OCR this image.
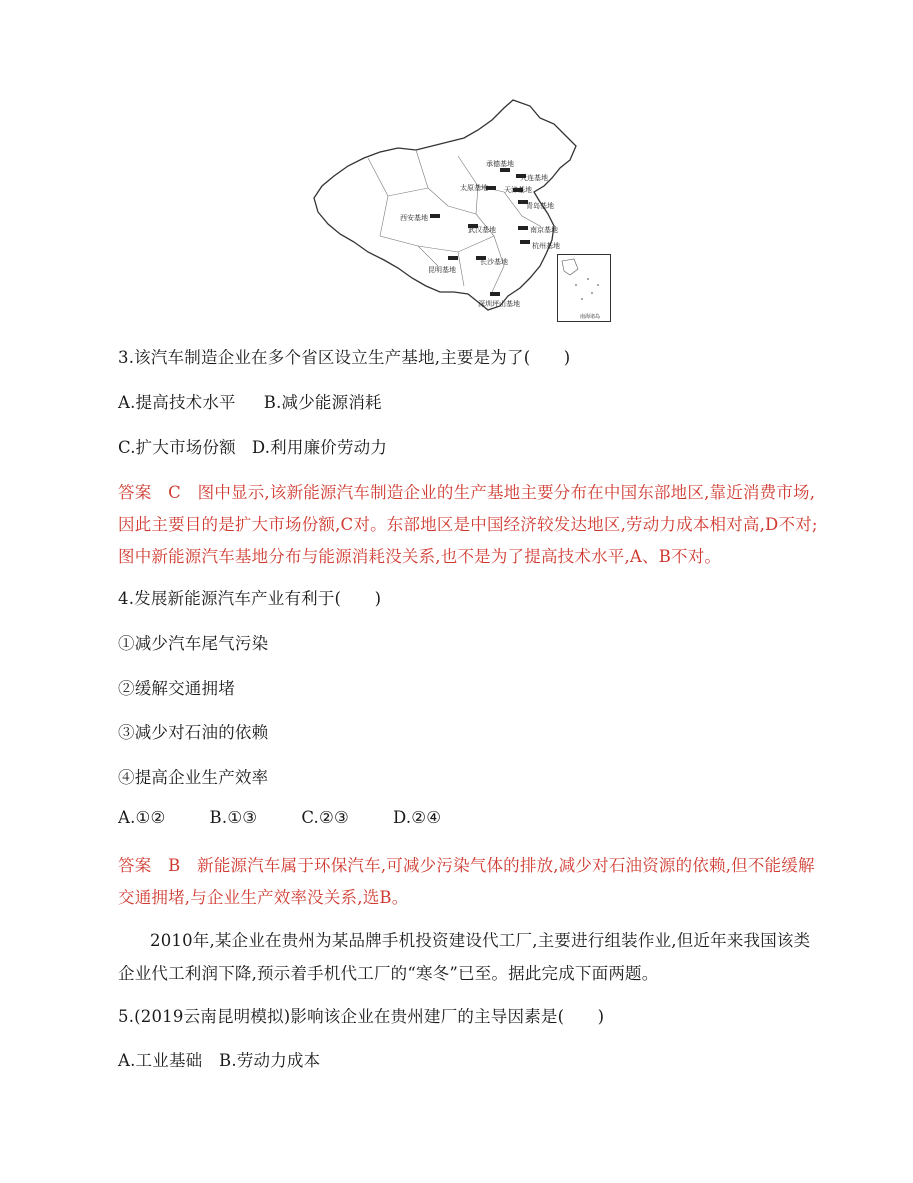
承德基地
大连基地
太原基地 天津基地
青岛基地
西安基地
武汉基地	南京基地
杭州基地
昆明基地
长沙基地
深圳坪山基地
南海诸岛
3.该汽车制造企业在多个省区设立生产基地,主要是为了(　　)
A.提高技术水平 B.减少能源消耗
C.扩大市场份额 D.利用廉价劳动力
答案　C　图中显示,该新能源汽车制造企业的生产基地主要分布在中国东部地区,靠近消费市场,
因此主要目的是扩大市场份额,C对。东部地区是中国经济较发达地区,劳动力成本相对高,D不对;
图中新能源汽车基地分布与能源消耗没关系,也不是为了提高技术水平,A、B不对。
4.发展新能源汽车产业有利于(　　)
①减少汽车尾气污染
②缓解交通拥堵
③减少对石油的依赖
④提高企业生产效率
A.①②	B.①③	C.②③	D.②④
答案　B　新能源汽车属于环保汽车,可减少污染气体的排放,减少对石油资源的依赖,但不能缓解
交通拥堵,与企业生产效率没关系,选B。
2010年,某企业在贵州为某品牌手机投资建设代工厂,主要进行组装作业,但近年来我国该类
企业代工利润下降,预示着手机代工厂的“寒冬”已至。据此完成下面两题。
5.(2019云南昆明模拟)影响该企业在贵州建厂的主导因素是(　　)
A.工业基础　B.劳动力成本
